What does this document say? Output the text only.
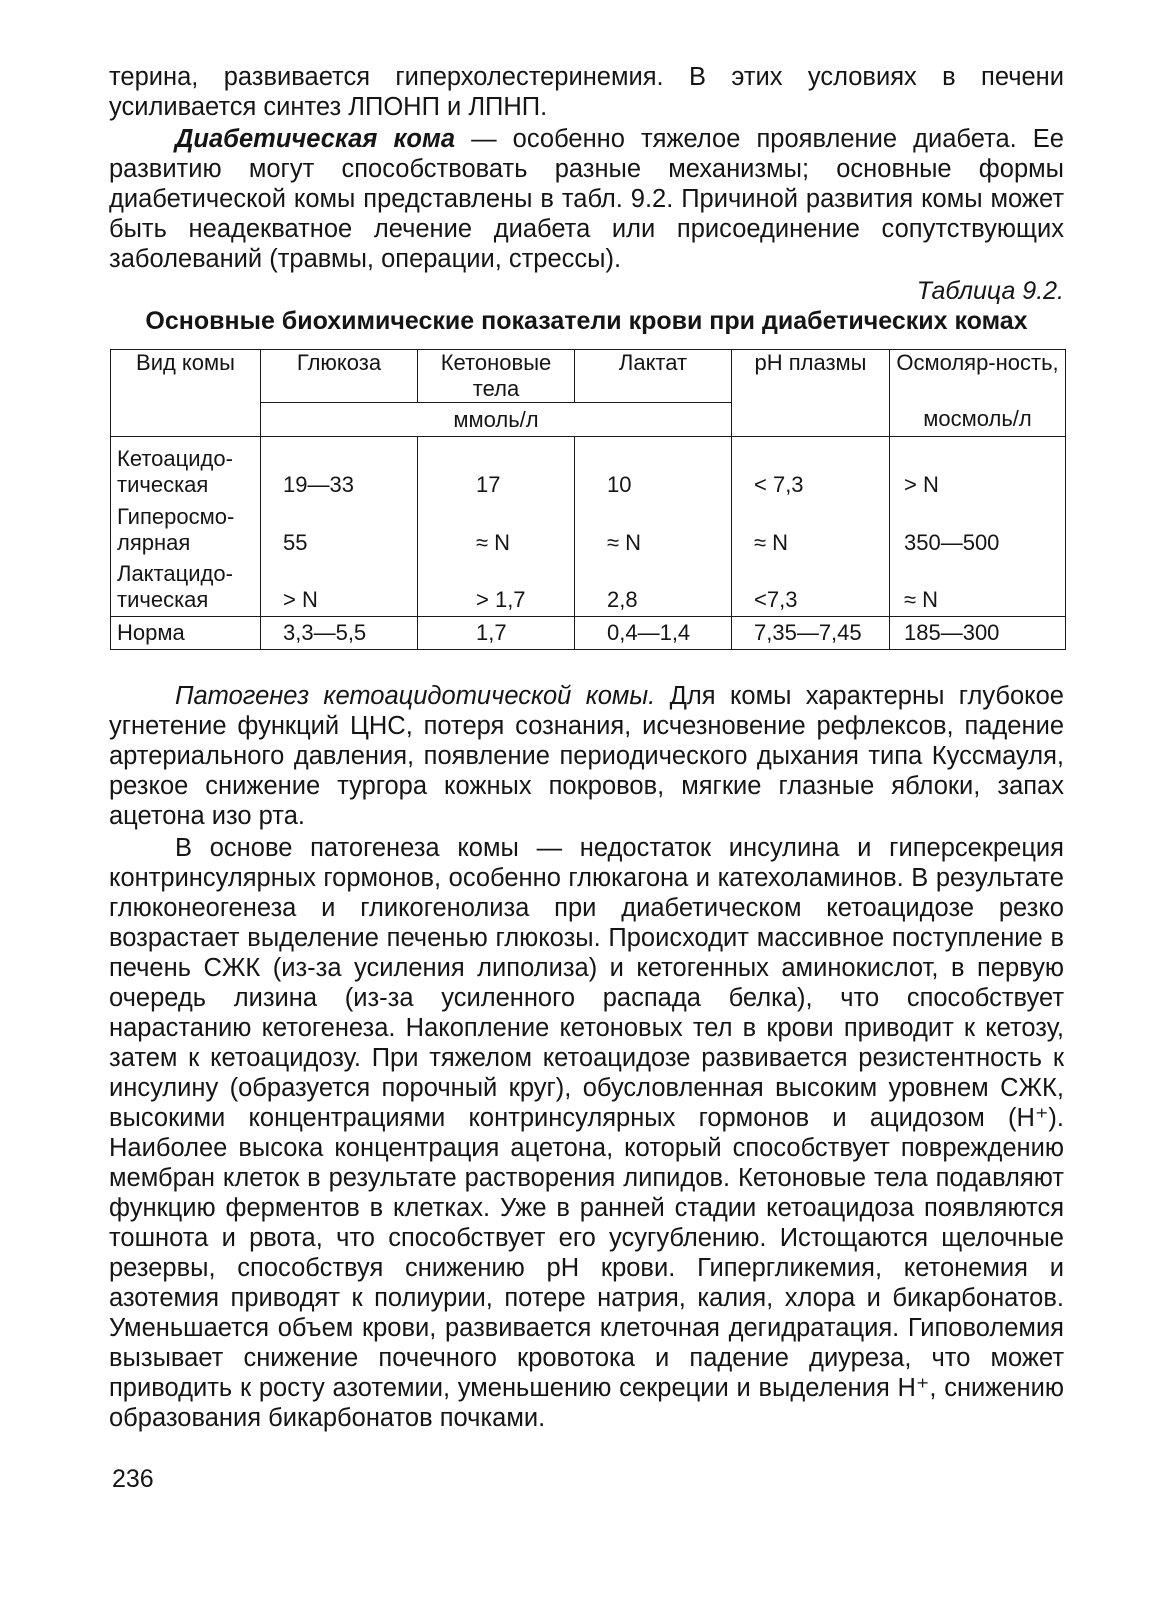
терина, развивается гиперхолестеринемия. В этих условиях в печени усиливается синтез ЛПОНП и ЛПНП.

Диабетическая кома — особенно тяжелое проявление диабета. Ее развитию могут способствовать разные механизмы; основные формы диабетической комы представлены в табл. 9.2. Причиной развития комы может быть неадекватное лечение диабета или присоединение сопутствующих заболеваний (травмы, операции, стрессы).

Таблица 9.2.
Основные биохимические показатели крови при диабетических комах
Вид комы	Глюкоза	Кетоновые тела	Лактат	pH плазмы	Осмоляр-ность,
	ммоль/л				мосмоль/л
Кетоацидо-тическая	19—33	17	10	< 7,3	> N
Гиперосмо-лярная	55	≈ N	≈ N	≈ N	350—500
Лактацидо-тическая	> N	> 1,7	2,8	<7,3	≈ N
Норма	3,3—5,5	1,7	0,4—1,4	7,35—7,45	185—300

Патогенез кетоацидотической комы. Для комы характерны глубокое угнетение функций ЦНС, потеря сознания, исчезновение рефлексов, падение артериального давления, появление периодического дыхания типа Куссмауля, резкое снижение тургора кожных покровов, мягкие глазные яблоки, запах ацетона изо рта.

В основе патогенеза комы — недостаток инсулина и гиперсекреция контринсулярных гормонов, особенно глюкагона и катехоламинов. В результате глюконеогенеза и гликогенолиза при диабетическом кетоацидозе резко возрастает выделение печенью глюкозы. Происходит массивное поступление в печень СЖК (из-за усиления липолиза) и кетогенных аминокислот, в первую очередь лизина (из-за усиленного распада белка), что способствует нарастанию кетогенеза. Накопление кетоновых тел в крови приводит к кетозу, затем к кетоацидозу. При тяжелом кетоацидозе развивается резистентность к инсулину (образуется порочный круг), обусловленная высоким уровнем СЖК, высокими концентрациями контринсулярных гормонов и ацидозом (Н⁺). Наиболее высока концентрация ацетона, который способствует повреждению мембран клеток в результате растворения липидов. Кетоновые тела подавляют функцию ферментов в клетках. Уже в ранней стадии кетоацидоза появляются тошнота и рвота, что способствует его усугублению. Истощаются щелочные резервы, способствуя снижению рН крови. Гипергликемия, кетонемия и азотемия приводят к полиурии, потере натрия, калия, хлора и бикарбонатов. Уменьшается объем крови, развивается клеточная дегидратация. Гиповолемия вызывает снижение почечного кровотока и падение диуреза, что может приводить к росту азотемии, уменьшению секреции и выделения Н⁺, снижению образования бикарбонатов почками.

236
